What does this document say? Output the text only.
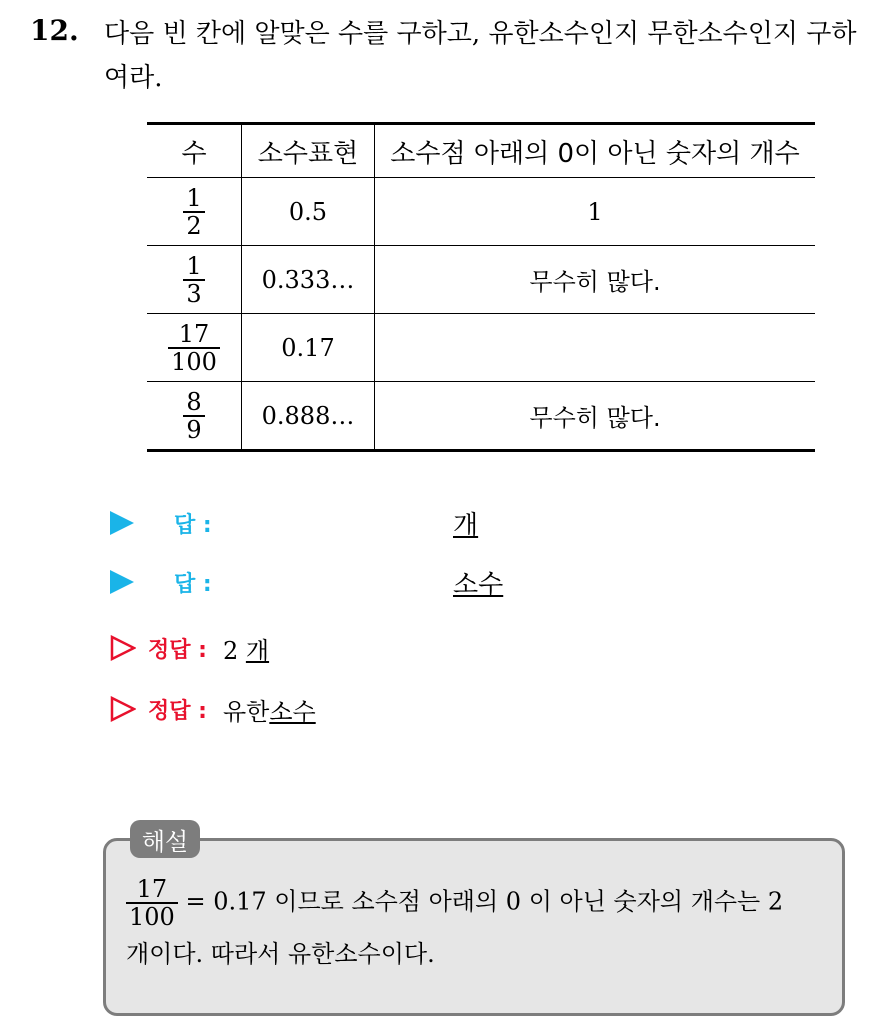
12. 다음 빈 칸에 알맞은 수를 구하고, 유한소수인지 무한소수인지 구하여라.
수	소수표현	소수점 아래의 0이 아닌 숫자의 개수

$\frac{1}{2}$	0.5	1

$\frac{1}{3}$	0.333…	무수히 많다.

$\frac{17}{100}$	0.17	

$\frac{8}{9}$	0.888…	무수히 많다.
답 :	개
답 :	소수
정답 : 2 개
정답 : 유한소수
해설
$\frac{17}{100} = 0.17$ 이므로 소수점 아래의 0 이 아닌 숫자의 개수는 2
개이다. 따라서 유한소수이다.
